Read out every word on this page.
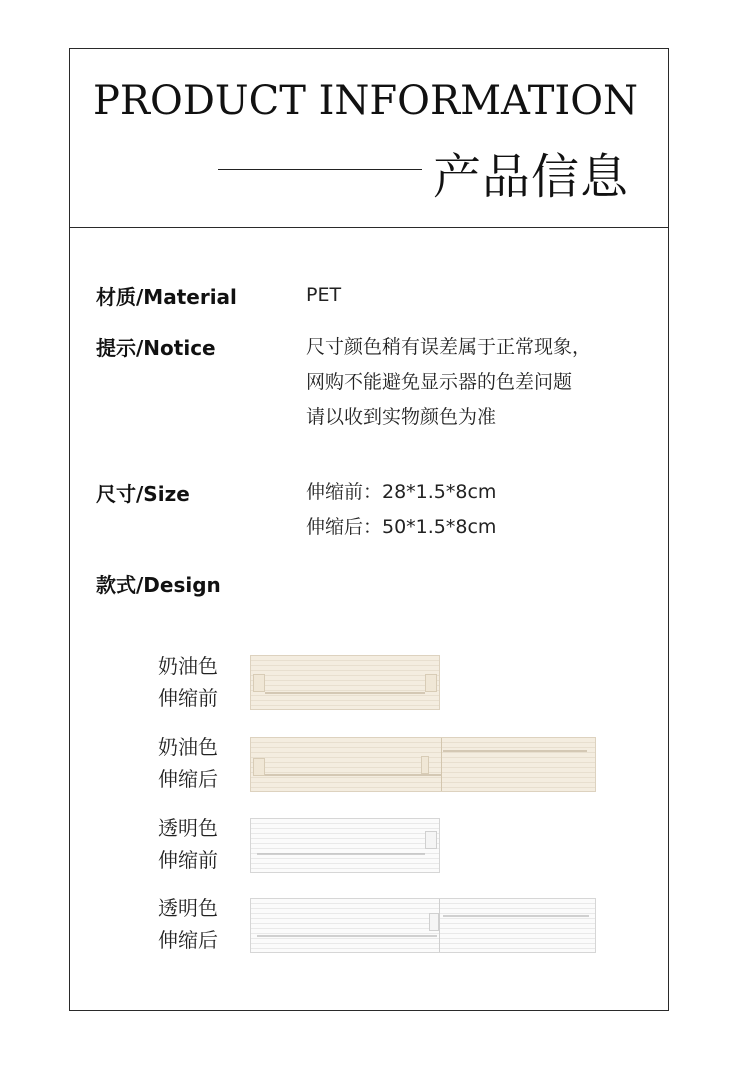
PRODUCT INFORMATION
产品信息
材质/Material	PET
提示/Notice	尺寸颜色稍有误差属于正常现象，
网购不能避免显示器的色差问题
请以收到实物颜色为准
尺寸/Size	伸缩前：28*1.5*8cm
伸缩后：50*1.5*8cm
款式/Design
奶油色
伸缩前
奶油色
伸缩后
透明色
伸缩前
透明色
伸缩后
